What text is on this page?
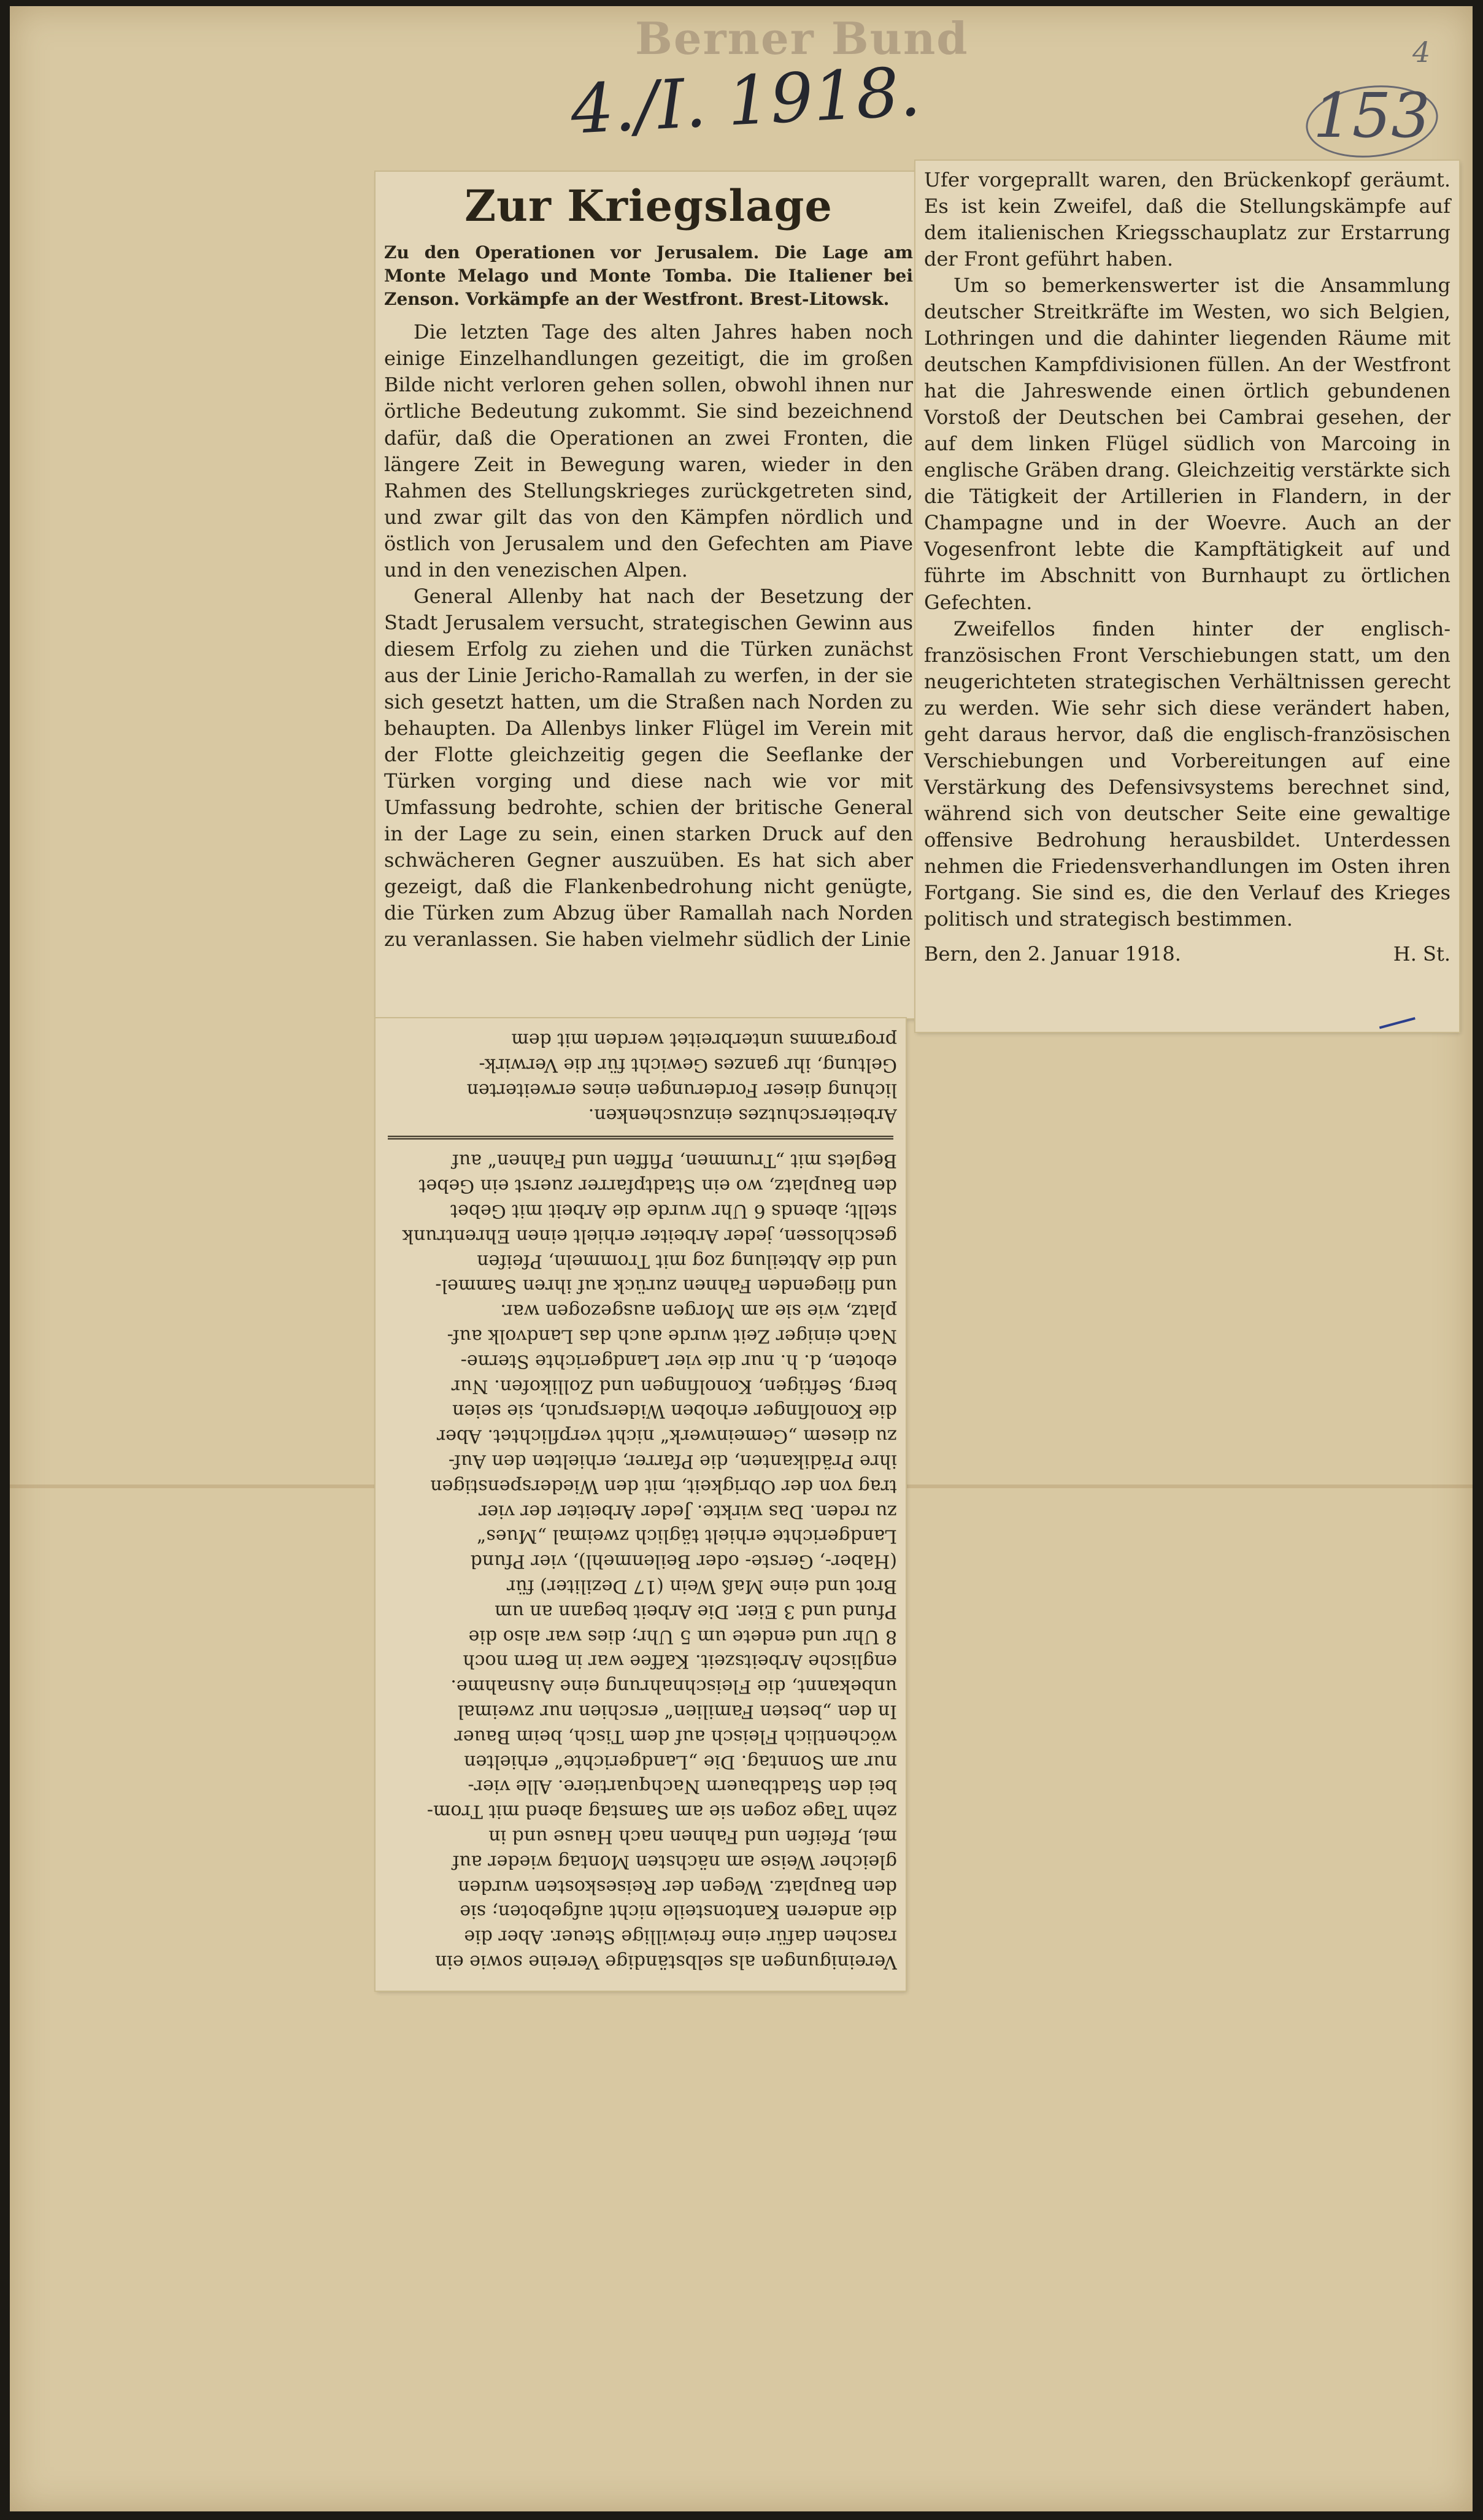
Berner Bund
4./I. 1918.	153
4
Zur Kriegslage
Zu den Operationen vor Jerusalem. Die Lage am Monte Melago und Monte Tomba. Die Italiener bei Zenson. Vorkämpfe an der Westfront. Brest-Litowsk.

Die letzten Tage des alten Jahres haben noch einige Einzelhandlungen gezeitigt, die im großen Bilde nicht verloren gehen sollen, obwohl ihnen nur örtliche Bedeutung zukommt. Sie sind bezeichnend dafür, daß die Operationen an zwei Fronten, die längere Zeit in Bewegung waren, wieder in den Rahmen des Stellungskrieges zurückgetreten sind, und zwar gilt das von den Kämpfen nördlich und östlich von Jerusalem und den Gefechten am Piave und in den venezischen Alpen.

General Allenby hat nach der Besetzung der Stadt Jerusalem versucht, strategischen Gewinn aus diesem Erfolg zu ziehen und die Türken zunächst aus der Linie Jericho-Ramallah zu werfen, in der sie sich gesetzt hatten, um die Straßen nach Norden zu behaupten. Da Allenbys linker Flügel im Verein mit der Flotte gleichzeitig gegen die Seeflanke der Türken vorging und diese nach wie vor mit Umfassung bedrohte, schien der britische General in der Lage zu sein, einen starken Druck auf den schwächeren Gegner auszuüben. Es hat sich aber gezeigt, daß die Flankenbedrohung nicht genügte, die Türken zum Abzug über Ramallah nach Norden zu veranlassen. Sie haben vielmehr südlich der Linie

Ufer vorgeprallt waren, den Brückenkopf geräumt. Es ist kein Zweifel, daß die Stellungskämpfe auf dem italienischen Kriegsschauplatz zur Erstarrung der Front geführt haben.

Um so bemerkenswerter ist die Ansammlung deutscher Streitkräfte im Westen, wo sich Belgien, Lothringen und die dahinter liegenden Räume mit deutschen Kampfdivisionen füllen. An der Westfront hat die Jahreswende einen örtlich gebundenen Vorstoß der Deutschen bei Cambrai gesehen, der auf dem linken Flügel südlich von Marcoing in englische Gräben drang. Gleichzeitig verstärkte sich die Tätigkeit der Artillerien in Flandern, in der Champagne und in der Woevre. Auch an der Vogesenfront lebte die Kampftätigkeit auf und führte im Abschnitt von Burnhaupt zu örtlichen Gefechten.

Zweifellos finden hinter der englisch-französischen Front Verschiebungen statt, um den neugerichteten strategischen Verhältnissen gerecht zu werden. Wie sehr sich diese verändert haben, geht daraus hervor, daß die englisch-französischen Verschiebungen und Vorbereitungen auf eine Verstärkung des Defensivsystems berechnet sind, während sich von deutscher Seite eine gewaltige offensive Bedrohung herausbildet. Unterdessen nehmen die Friedensverhandlungen im Osten ihren Fortgang. Sie sind es, die den Verlauf des Krieges politisch und strategisch bestimmen.

Bern, den 2. Januar 1918.	H. St.
Vereinigungen als selbständige Vereine sowie ein
raschen dafür eine freiwillige Steuer. Aber die
die anderen Kantonsteile nicht aufgeboten; sie
den Bauplatz. Wegen der Reiseskosten wurden
gleicher Weise am nächsten Montag wieder auf
mel, Pfeifen und Fahnen nach Hause und in
zehn Tage zogen sie am Samstag abend mit Trom-
bei den Stadtbauern Nachquartiere. Alle vier-
nur am Sonntag. Die „Landgerichte“ erhielten
wöchentlich Fleisch auf dem Tisch, beim Bauer
In den „besten Familien“ erschien nur zweimal
unbekannt, die Fleischnahrung eine Ausnahme.
englische Arbeitszeit. Kaffee war in Bern noch
8 Uhr und endete um 5 Uhr; dies war also die
Pfund und 3 Eier. Die Arbeit begann an um
Brot und eine Maß Wein (17 Deziliter) für
(Haber-, Gerste- oder Beilenmehl), vier Pfund
Landgerichte erhielt täglich zweimal „Mues“
zu reden. Das wirkte. Jeder Arbeiter der vier
trag von der Obrigkeit, mit den Wiederspenstigen
ihre Prädikanten, die Pfarrer, erhielten den Auf-
zu diesem „Gemeinwerk“ nicht verpflichtet. Aber
die Konolfinger erhoben Widerspruch, sie seien
berg, Seftigen, Konolfingen und Zollikofen. Nur
eboten, d. h. nur die vier Landgerichte Sterne-
Nach einiger Zeit wurde auch das Landvolk auf-
platz, wie sie am Morgen ausgezogen war.
und fliegenden Fahnen zurück auf ihren Sammel-
und die Abteilung zog mit Trommeln, Pfeifen
geschlossen, jeder Arbeiter erhielt einen Ehrentrunk
stellt; abends 6 Uhr wurde die Arbeit mit Gebet
den Bauplatz, wo ein Stadtpfarrer zuerst ein Gebet
Beglets mit „Trummen, Pfiffen und Fahnen“ auf
Arbeiterschutzes einzuschenken.
lichung dieser Forderungen eines erweiterten
Geltung, ihr ganzes Gewicht für die Verwirk-
programms unterbreitet werden mit dem
